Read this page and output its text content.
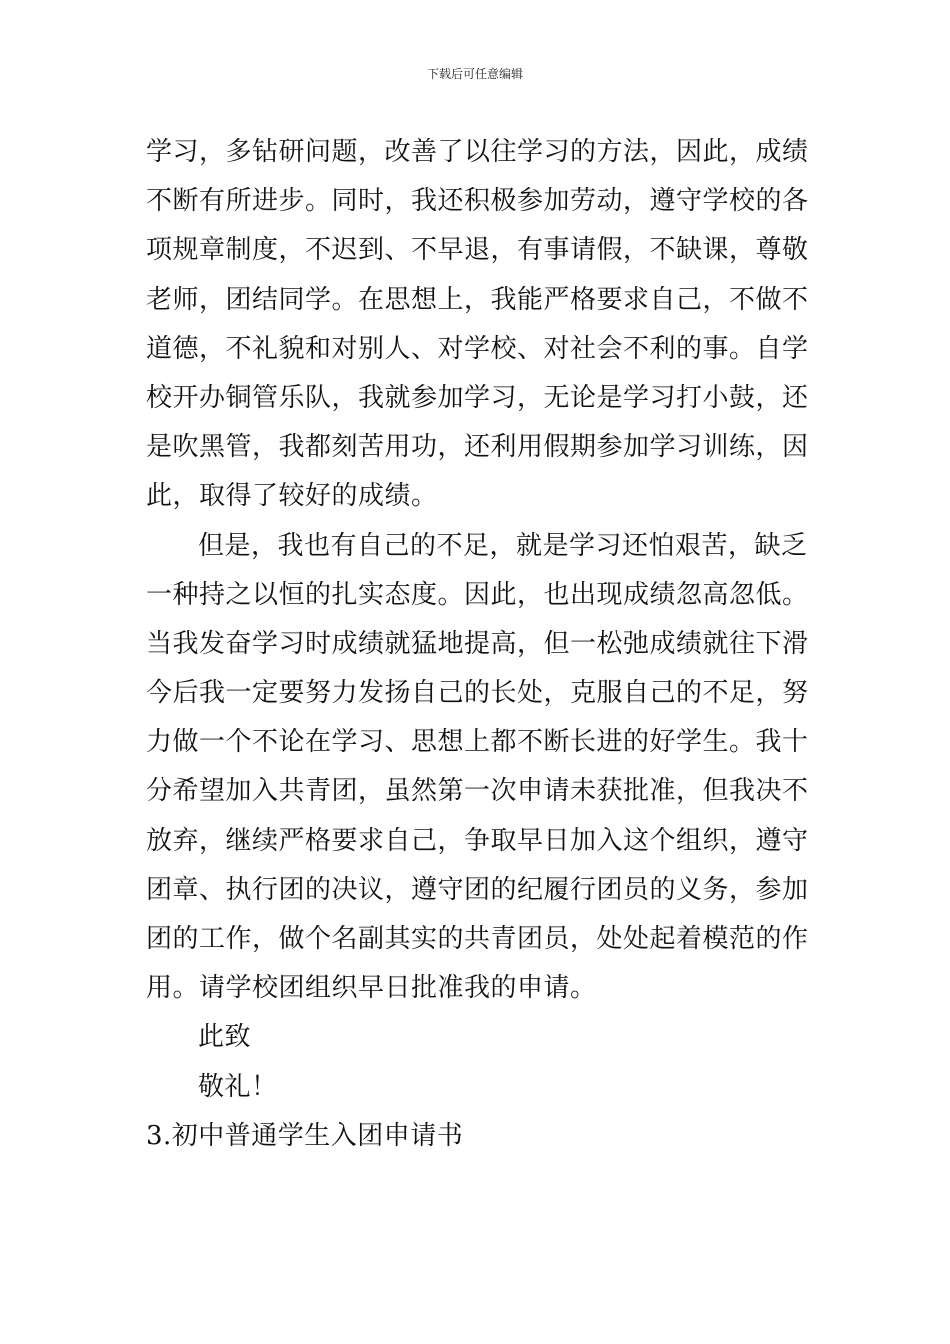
下载后可任意编辑
学习，多钻研问题，改善了以往学习的方法，因此，成绩
不断有所进步。同时，我还积极参加劳动，遵守学校的各
项规章制度，不迟到、不早退，有事请假，不缺课，尊敬
老师，团结同学。在思想上，我能严格要求自己，不做不
道德，不礼貌和对别人、对学校、对社会不利的事。自学
校开办铜管乐队，我就参加学习，无论是学习打小鼓，还
是吹黑管，我都刻苦用功，还利用假期参加学习训练，因
此，取得了较好的成绩。
但是，我也有自己的不足，就是学习还怕艰苦，缺乏
一种持之以恒的扎实态度。因此，也出现成绩忽高忽低。
当我发奋学习时成绩就猛地提高，但一松弛成绩就往下滑
今后我一定要努力发扬自己的长处，克服自己的不足，努
力做一个不论在学习、思想上都不断长进的好学生。我十
分希望加入共青团，虽然第一次申请未获批准，但我决不
放弃，继续严格要求自己，争取早日加入这个组织，遵守
团章、执行团的决议，遵守团的纪履行团员的义务，参加
团的工作，做个名副其实的共青团员，处处起着模范的作
用。请学校团组织早日批准我的申请。
此致
敬礼！
3.初中普通学生入团申请书
